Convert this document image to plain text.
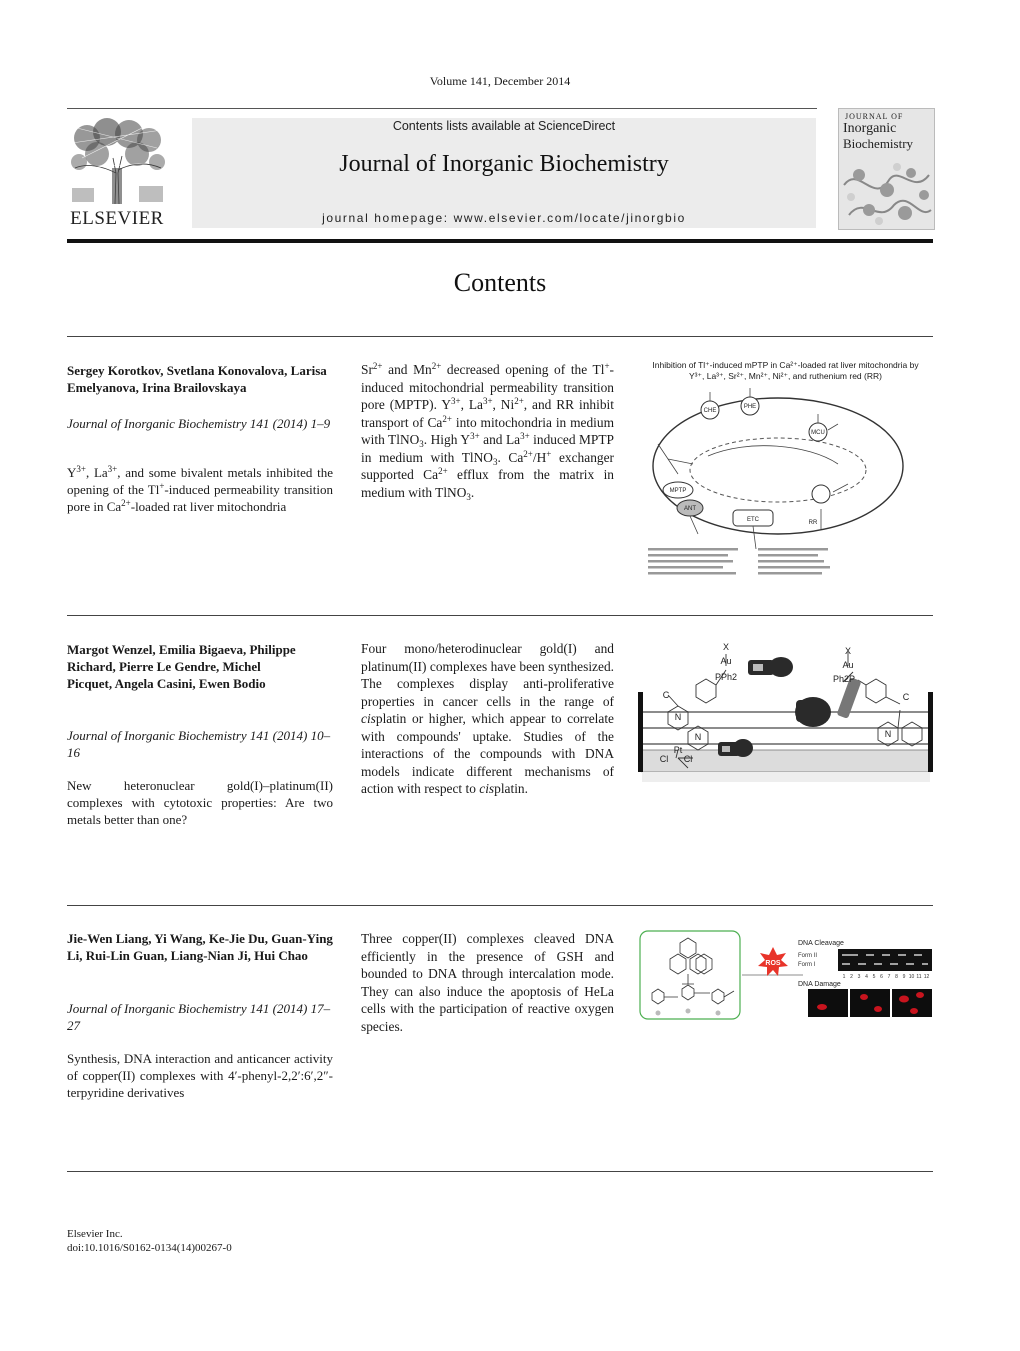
Volume 141, December 2014
ELSEVIER
Contents lists available at ScienceDirect
Journal of Inorganic Biochemistry
journal homepage: www.elsevier.com/locate/jinorgbio
JOURNAL OF
Inorganic
Biochemistry
Contents
Sergey Korotkov, Svetlana Konovalova, Larisa Emelyanova, Irina Brailovskaya
Journal of Inorganic Biochemistry 141 (2014) 1–9
$Y^{3+}$, $La^{3+}$, and some bivalent metals inhibited the opening of the Tl+-induced permeability transition pore in $Ca^{2+}$-loaded rat liver mitochondria
$Sr^{2+}$ and $Mn^{2+}$ decreased opening of the Tl+-induced mitochondrial permeability transition pore (MPTP). $Y^{3+}$, $La^{3+}$, $Ni^{2+}$, and RR inhibit transport of $Ca^{2+}$ into mitochondria in medium with TlNO$_3$. High $Y^{3+}$ and $La^{3+}$ induced MPTP in medium with TlNO$_3$. $Ca^{2+}/H^+$ exchanger supported $Ca^{2+}$ efflux from the matrix in medium with TlNO$_3$.
Inhibition of Tl⁺-induced mPTP in Ca²⁺-loaded rat liver mitochondria by
Y³⁺, La³⁺, Sr²⁺, Mn²⁺, Ni²⁺, and ruthenium red (RR)
CHE
PHE
MCU
ANT
ETC
MPTP
RR
Margot Wenzel, Emilia Bigaeva, Philippe Richard, Pierre Le Gendre, Michel Picquet, Angela Casini, Ewen Bodio
Journal of Inorganic Biochemistry 141 (2014) 10–16
New heteronuclear gold(I)–platinum(II) complexes with cytotoxic properties: Are two metals better than one?
Four mono/heterodinuclear gold(I) and platinum(II) complexes have been synthesized. The complexes display anti-proliferative properties in cancer cells in the range of cisplatin or higher, which appear to correlate with compounds' uptake. Studies of the interactions of the compounds with DNA models indicate different mechanisms of action with respect to cisplatin.
X
Au
PPh2
X
Au
Ph2P
C
N
N
Pt
Cl Cl
N
C
Jie-Wen Liang, Yi Wang, Ke-Jie Du, Guan-Ying Li, Rui-Lin Guan, Liang-Nian Ji, Hui Chao
Journal of Inorganic Biochemistry 141 (2014) 17–27
Synthesis, DNA interaction and anticancer activity of copper(II) complexes with 4′-phenyl-2,2′:6′,2″-terpyridine derivatives
Three copper(II) complexes cleaved DNA efficiently in the presence of GSH and bounded to DNA through intercalation mode. They can also induce the apoptosis of HeLa cells with the participation of reactive oxygen species.
ROS
DNA Cleavage
Form II
Form I
1 2 3 4 5 6 7 8 9 10 11 12
DNA Damage
Elsevier Inc.
doi:10.1016/S0162-0134(14)00267-0
